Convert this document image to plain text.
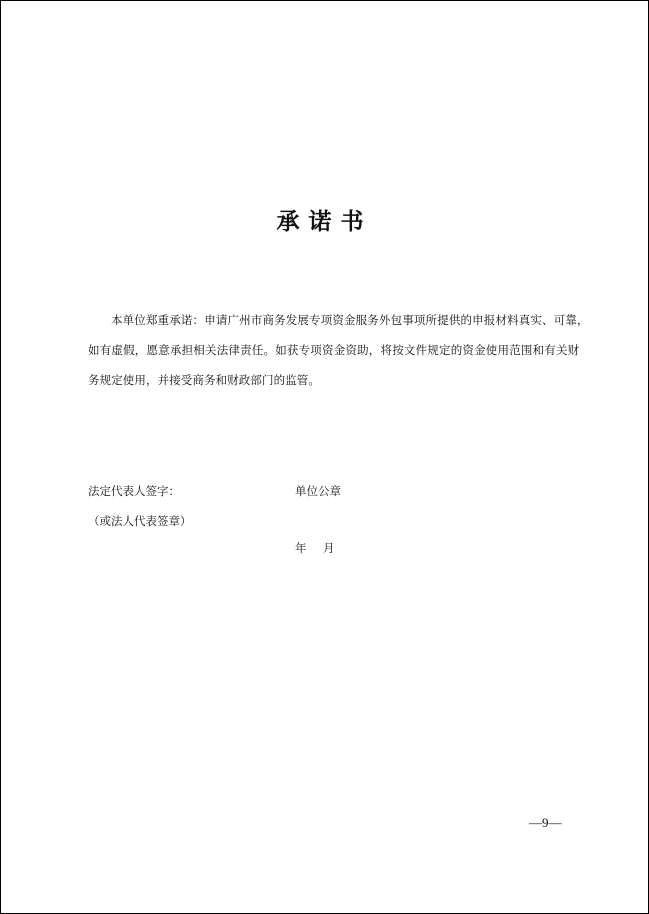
承诺书
本单位郑重承诺：申请广州市商务发展专项资金服务外包事项所提供的申报材料真实、可靠，
如有虚假，愿意承担相关法律责任。如获专项资金资助，将按文件规定的资金使用范围和有关财
务规定使用，并接受商务和财政部门的监管。
法定代表人签字：
（或法人代表签章）
单位公章
年 月
—9—
